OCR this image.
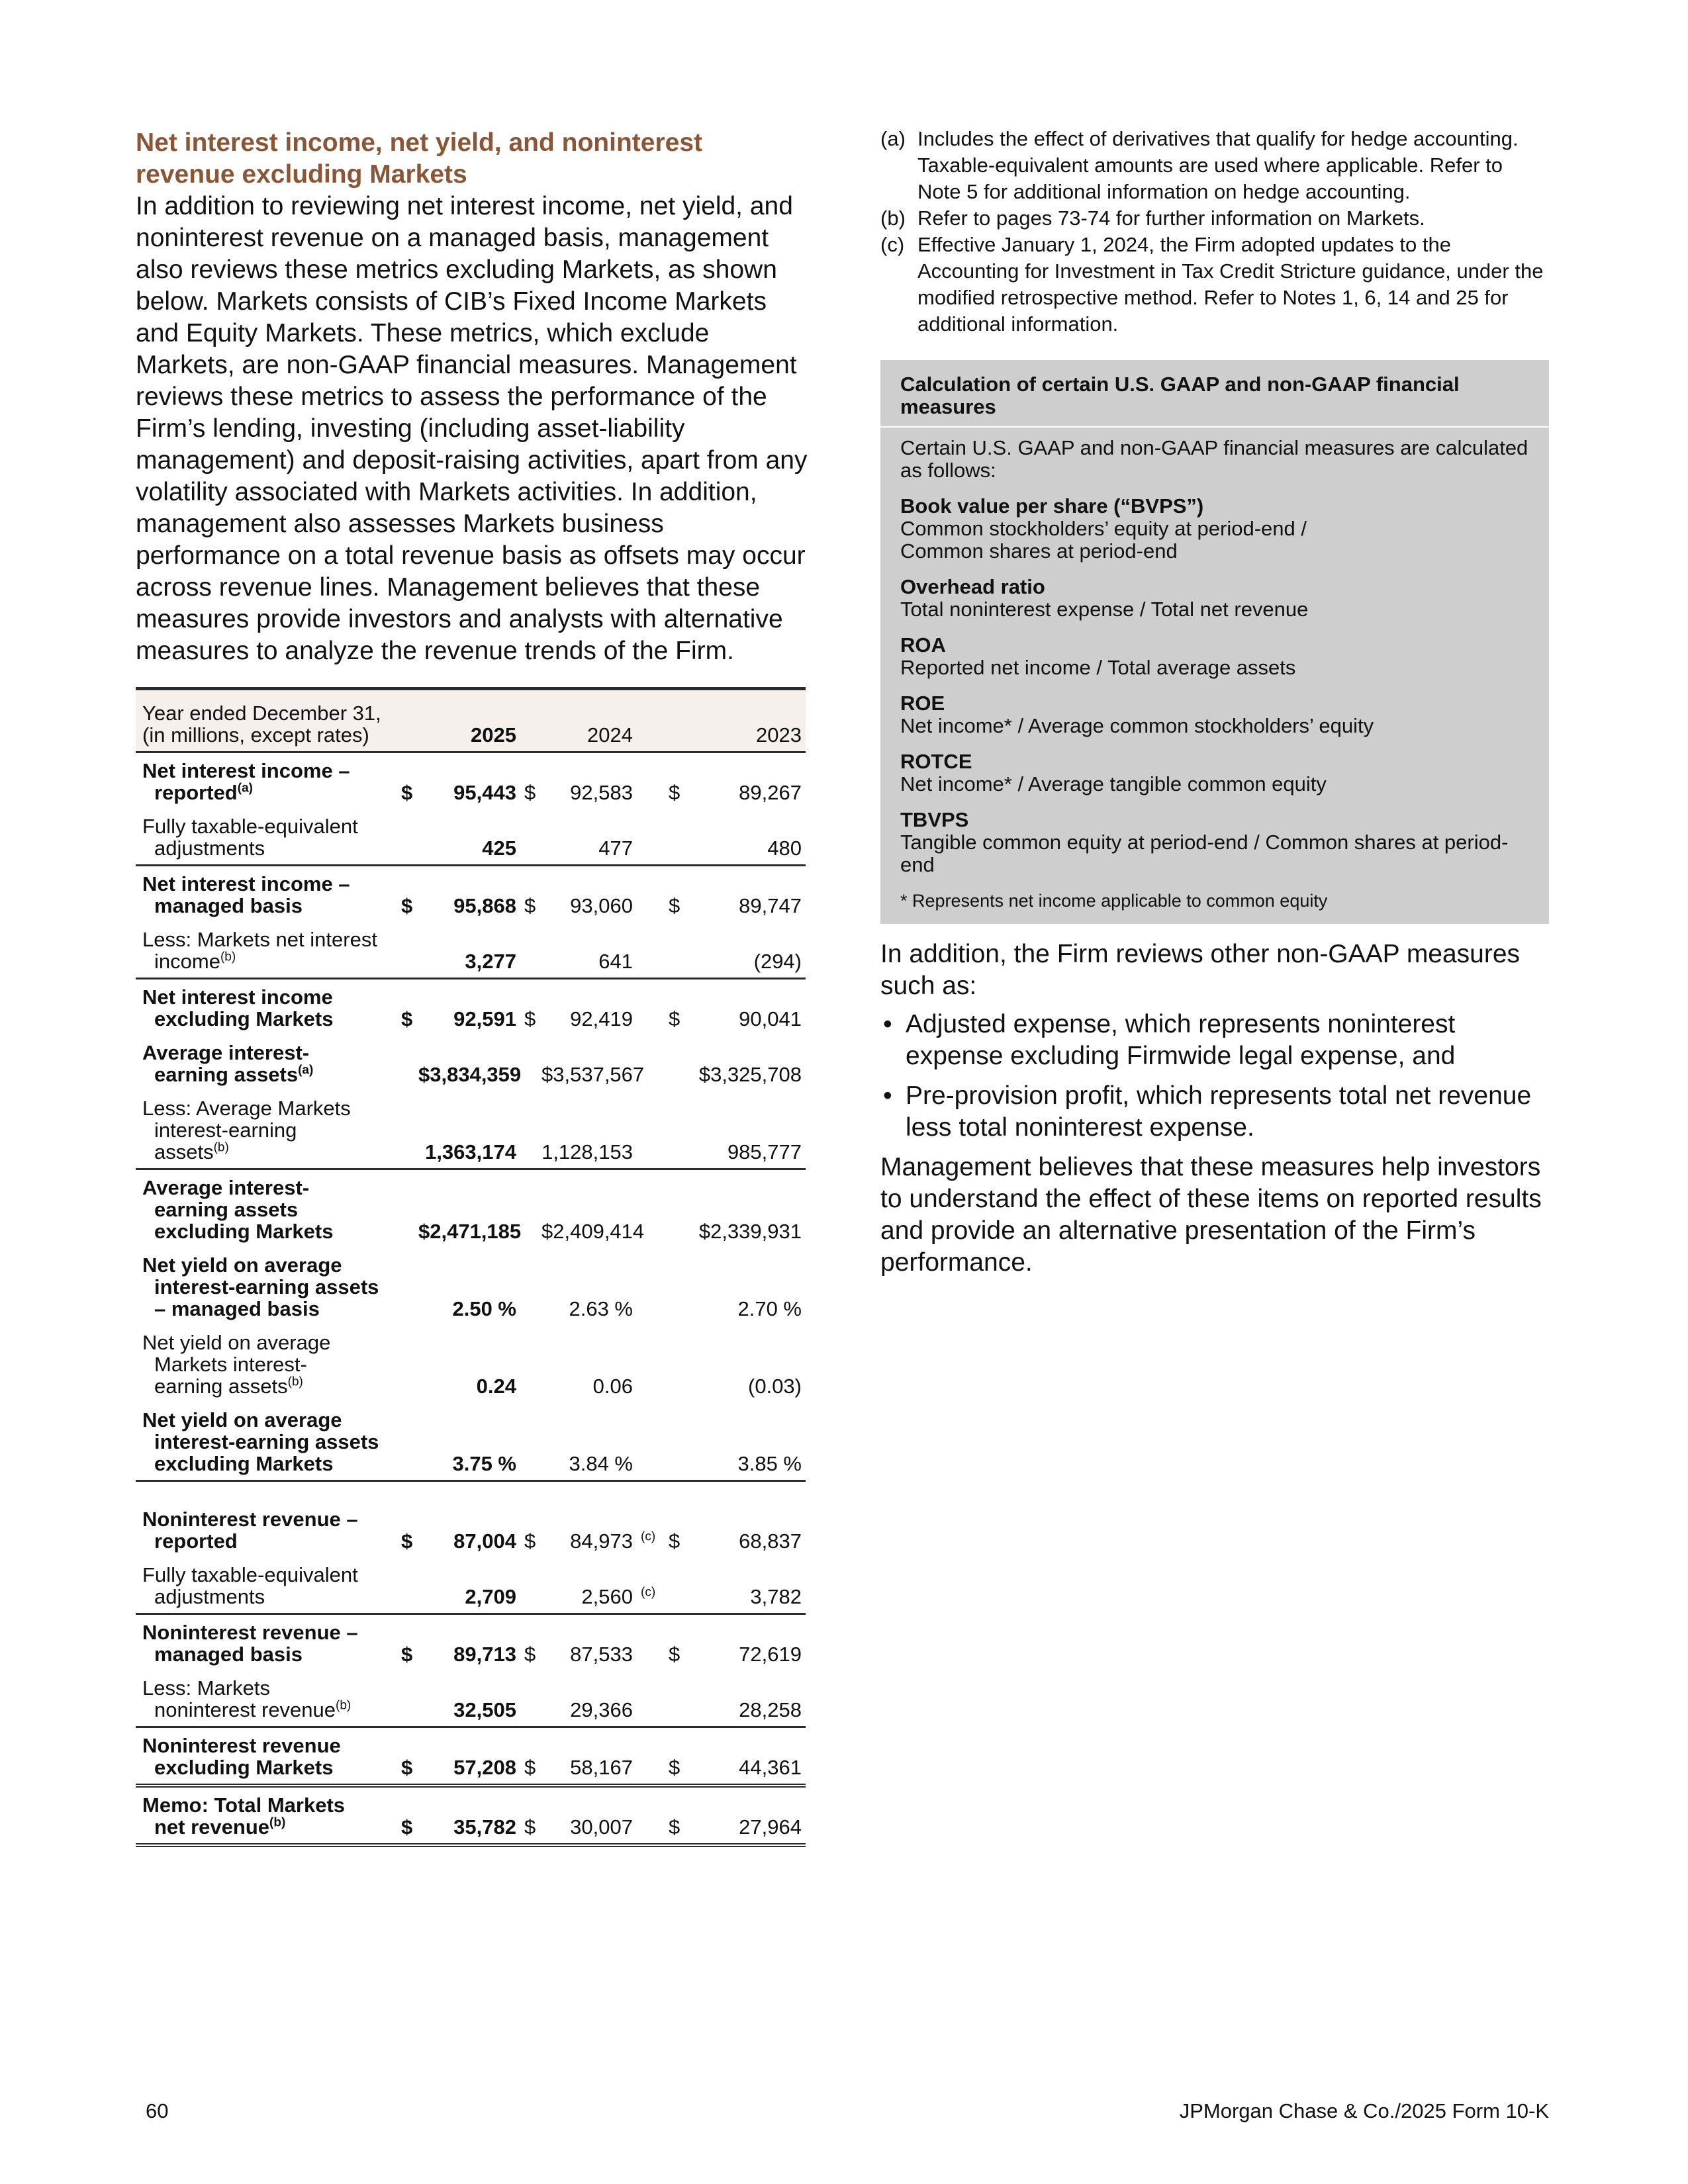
Net interest income, net yield, and noninterest revenue excluding Markets

In addition to reviewing net interest income, net yield, and noninterest revenue on a managed basis, management also reviews these metrics excluding Markets, as shown below. Markets consists of CIB’s Fixed Income Markets and Equity Markets. These metrics, which exclude Markets, are non-GAAP financial measures. Management reviews these metrics to assess the performance of the Firm’s lending, investing (including asset-liability management) and deposit-raising activities, apart from any volatility associated with Markets activities. In addition, management also assesses Markets business performance on a total revenue basis as offsets may occur across revenue lines. Management believes that these measures provide investors and analysts with alternative measures to analyze the revenue trends of the Firm.

Year ended December 31,
(in millions, except rates)		2025		2024			2023
Net interest income –
reported$^{(a)}$	$	95,443	$	92,583		$	89,267
Fully taxable-equivalent
adjustments		425		477			480
Net interest income –
managed basis	$	95,868	$	93,060		$	89,747
Less: Markets net interest
income$^{(b)}$		3,277		641			(294)
Net interest income
excluding Markets	$	92,591	$	92,419		$	90,041
Average interest-
earning assets$^{(a)}$		$3,834,359		$3,537,567			$3,325,708
Less: Average Markets
interest-earning
assets$^{(b)}$		1,363,174		1,128,153			985,777
Average interest-
earning assets
excluding Markets		$2,471,185		$2,409,414			$2,339,931
Net yield on average
interest-earning assets
– managed basis		2.50 %		2.63 %			2.70 %
Net yield on average
Markets interest-
earning assets$^{(b)}$		0.24		0.06			(0.03)
Net yield on average
interest-earning assets
excluding Markets		3.75 %		3.84 %			3.85 %
Noninterest revenue –
reported	$	87,004	$	84,973	$^{(c)}$	$	68,837
Fully taxable-equivalent
adjustments		2,709		2,560	$^{(c)}$		3,782
Noninterest revenue –
managed basis	$	89,713	$	87,533		$	72,619
Less: Markets
noninterest revenue$^{(b)}$		32,505		29,366			28,258
Noninterest revenue
excluding Markets	$	57,208	$	58,167		$	44,361
Memo: Total Markets
net revenue$^{(b)}$	$	35,782	$	30,007		$	27,964
(a) Includes the effect of derivatives that qualify for hedge accounting. Taxable-equivalent amounts are used where applicable. Refer to Note 5 for additional information on hedge accounting.
(b) Refer to pages 73-74 for further information on Markets.
(c) Effective January 1, 2024, the Firm adopted updates to the Accounting for Investment in Tax Credit Stricture guidance, under the modified retrospective method. Refer to Notes 1, 6, 14 and 25 for additional information.
Calculation of certain U.S. GAAP and non-GAAP financial measures

Certain U.S. GAAP and non-GAAP financial measures are calculated as follows:

Book value per share (“BVPS”)

Common stockholders’ equity at period-end /

Common shares at period-end

Overhead ratio

Total noninterest expense / Total net revenue

ROA

Reported net income / Total average assets

ROE

Net income* / Average common stockholders’ equity

ROTCE

Net income* / Average tangible common equity

TBVPS

Tangible common equity at period-end / Common shares at period-end

* Represents net income applicable to common equity

In addition, the Firm reviews other non-GAAP measures such as:

• Adjusted expense, which represents noninterest expense excluding Firmwide legal expense, and
• Pre-provision profit, which represents total net revenue less total noninterest expense.

Management believes that these measures help investors to understand the effect of these items on reported results and provide an alternative presentation of the Firm’s performance.

60	JPMorgan Chase & Co./2025 Form 10-K
